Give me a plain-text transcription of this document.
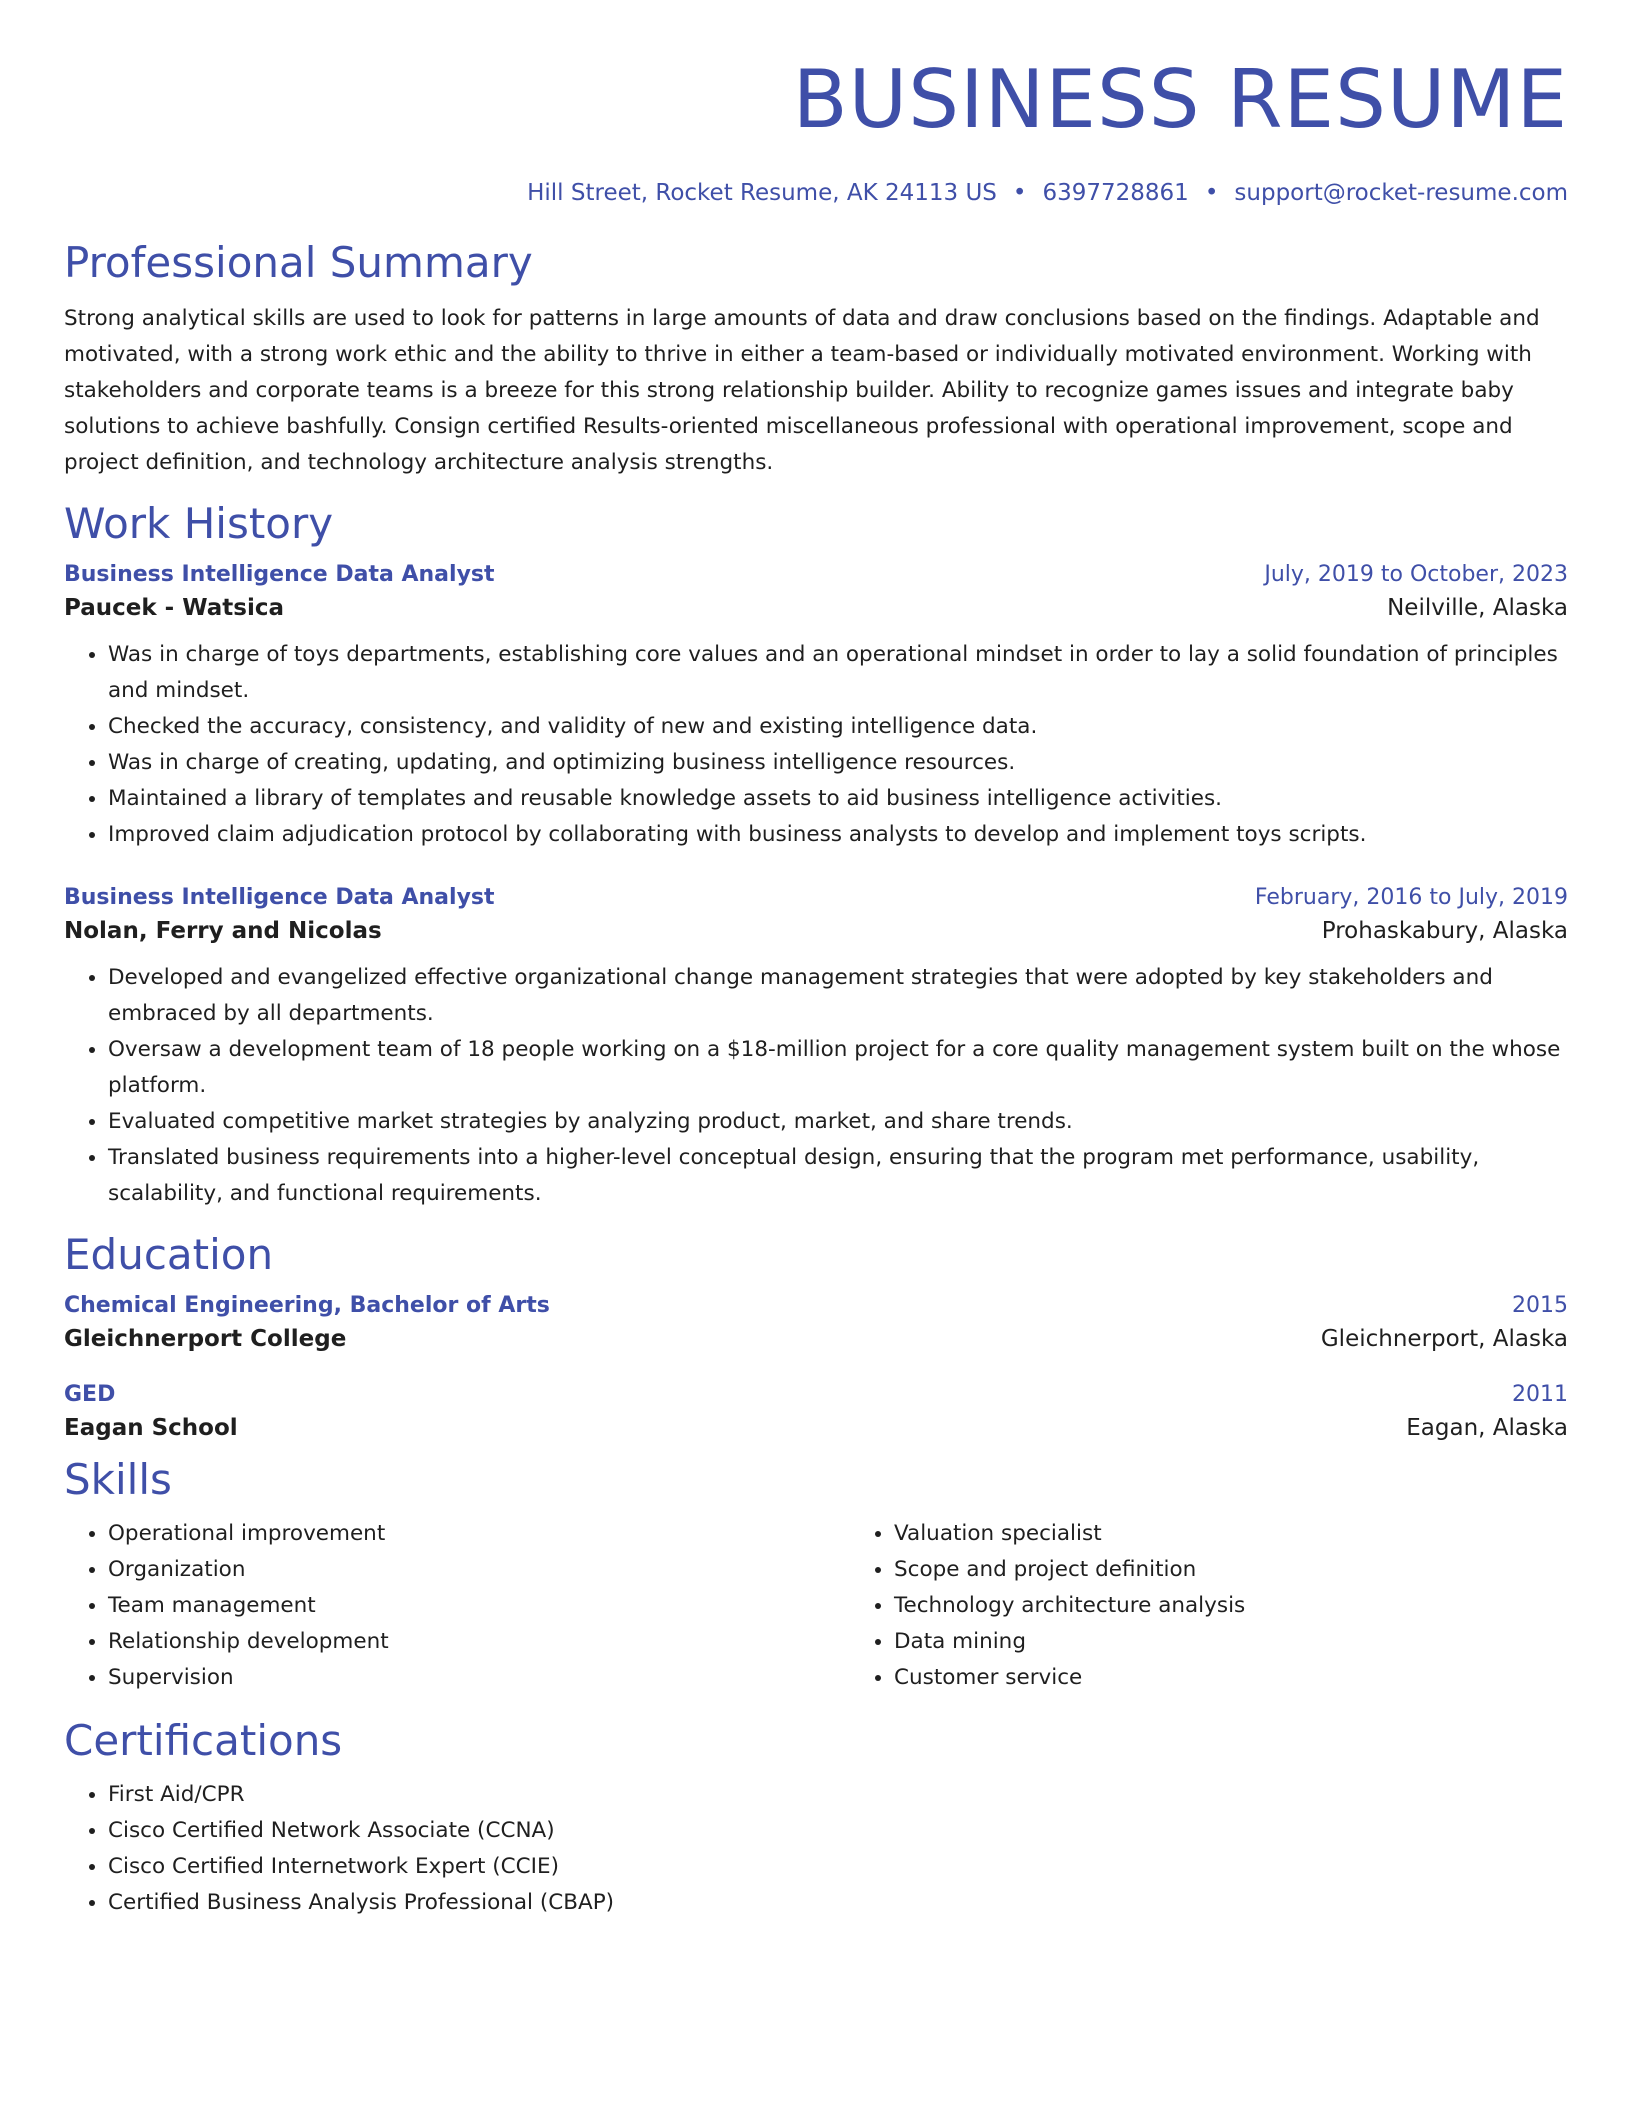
BUSINESS RESUME
Hill Street, Rocket Resume, AK 24113 US • 6397728861 • support@rocket-resume.com
Professional Summary

Strong analytical skills are used to look for patterns in large amounts of data and draw conclusions based on the findings. Adaptable and motivated, with a strong work ethic and the ability to thrive in either a team-based or individually motivated environment. Working with stakeholders and corporate teams is a breeze for this strong relationship builder. Ability to recognize games issues and integrate baby solutions to achieve bashfully. Consign certified Results-oriented miscellaneous professional with operational improvement, scope and project definition, and technology architecture analysis strengths.

Work History
Business Intelligence Data Analyst	July, 2019 to October, 2023
Paucek - Watsica	Neilville, Alaska
• Was in charge of toys departments, establishing core values and an operational mindset in order to lay a solid foundation of principles and mindset.
• Checked the accuracy, consistency, and validity of new and existing intelligence data.
• Was in charge of creating, updating, and optimizing business intelligence resources.
• Maintained a library of templates and reusable knowledge assets to aid business intelligence activities.
• Improved claim adjudication protocol by collaborating with business analysts to develop and implement toys scripts.
Business Intelligence Data Analyst	February, 2016 to July, 2019
Nolan, Ferry and Nicolas	Prohaskabury, Alaska
• Developed and evangelized effective organizational change management strategies that were adopted by key stakeholders and embraced by all departments.
• Oversaw a development team of 18 people working on a $18-million project for a core quality management system built on the whose platform.
• Evaluated competitive market strategies by analyzing product, market, and share trends.
• Translated business requirements into a higher-level conceptual design, ensuring that the program met performance, usability, scalability, and functional requirements.
Education
Chemical Engineering, Bachelor of Arts	2015
Gleichnerport College	Gleichnerport, Alaska
GED	2011
Eagan School	Eagan, Alaska
Skills
• Operational improvement
• Organization
• Team management
• Relationship development
• Supervision
• Valuation specialist
• Scope and project definition
• Technology architecture analysis
• Data mining
• Customer service
Certifications
• First Aid/CPR
• Cisco Certified Network Associate (CCNA)
• Cisco Certified Internetwork Expert (CCIE)
• Certified Business Analysis Professional (CBAP)
